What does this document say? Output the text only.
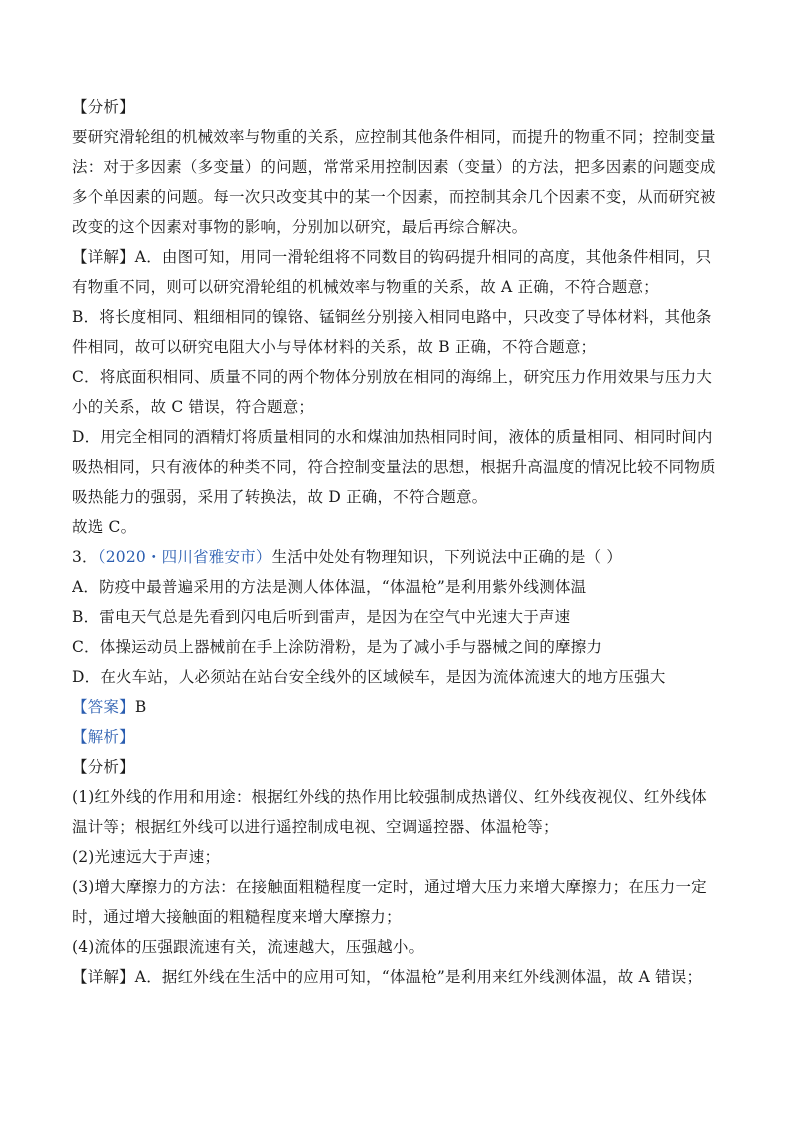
【分析】
要研究滑轮组的机械效率与物重的关系，应控制其他条件相同，而提升的物重不同；控制变量
法：对于多因素（多变量）的问题，常常采用控制因素（变量）的方法，把多因素的问题变成
多个单因素的问题。每一次只改变其中的某一个因素，而控制其余几个因素不变，从而研究被
改变的这个因素对事物的影响，分别加以研究，最后再综合解决。
【详解】A．由图可知，用同一滑轮组将不同数目的钩码提升相同的高度，其他条件相同，只
有物重不同，则可以研究滑轮组的机械效率与物重的关系，故 A 正确，不符合题意；
B．将长度相同、粗细相同的镍铬、锰铜丝分别接入相同电路中，只改变了导体材料，其他条
件相同，故可以研究电阻大小与导体材料的关系，故 B 正确，不符合题意；
C．将底面积相同、质量不同的两个物体分别放在相同的海绵上，研究压力作用效果与压力大
小的关系，故 C 错误，符合题意；
D．用完全相同的酒精灯将质量相同的水和煤油加热相同时间，液体的质量相同、相同时间内
吸热相同，只有液体的种类不同，符合控制变量法的思想，根据升高温度的情况比较不同物质
吸热能力的强弱，采用了转换法，故 D 正确，不符合题意。
故选 C。
3．（2020・四川省雅安市）生活中处处有物理知识，下列说法中正确的是（ ）
A．防疫中最普遍采用的方法是测人体体温，“体温枪”是利用紫外线测体温
B．雷电天气总是先看到闪电后听到雷声，是因为在空气中光速大于声速
C．体操运动员上器械前在手上涂防滑粉，是为了减小手与器械之间的摩擦力
D．在火车站，人必须站在站台安全线外的区域候车，是因为流体流速大的地方压强大
【答案】B
【解析】
【分析】
(1)红外线的作用和用途：根据红外线的热作用比较强制成热谱仪、红外线夜视仪、红外线体
温计等；根据红外线可以进行遥控制成电视、空调遥控器、体温枪等；
(2)光速远大于声速；
(3)增大摩擦力的方法：在接触面粗糙程度一定时，通过增大压力来增大摩擦力；在压力一定
时，通过增大接触面的粗糙程度来增大摩擦力；
(4)流体的压强跟流速有关，流速越大，压强越小。
【详解】A．据红外线在生活中的应用可知，“体温枪”是利用来红外线测体温，故 A 错误；
